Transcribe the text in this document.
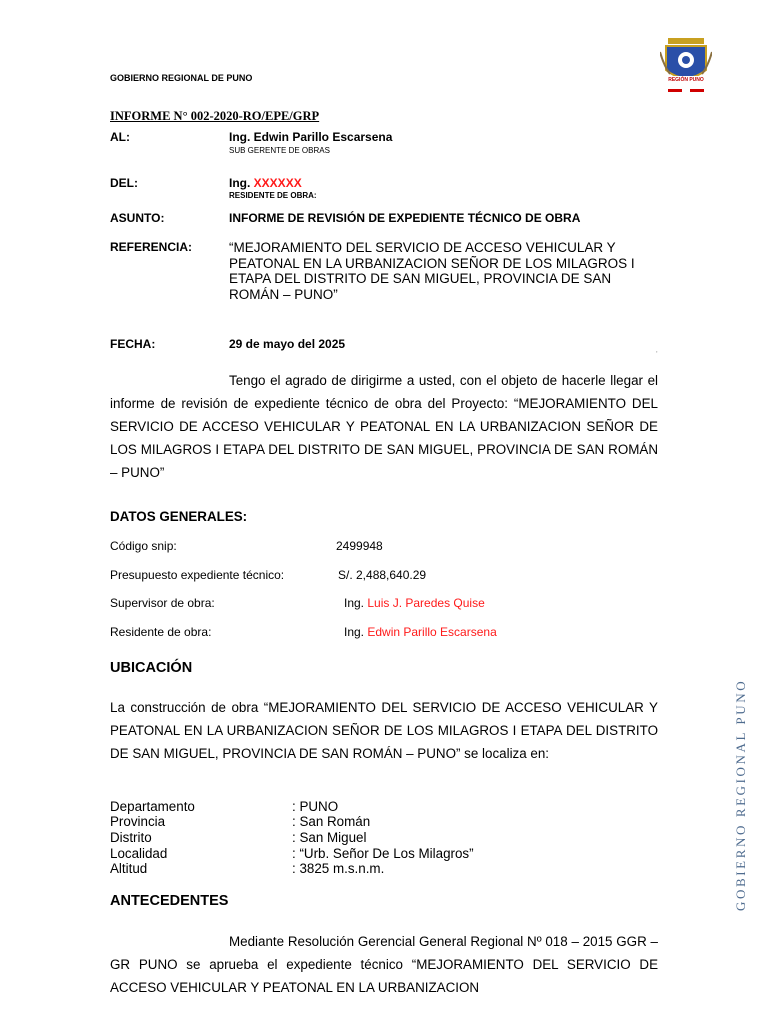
GOBIERNO REGIONAL DE PUNO	REGIÓN PUNO
INFORME N° 002-2020-RO/EPE/GRP
AL:	Ing. Edwin Parillo Escarsena
SUB GERENTE DE OBRAS
DEL:	Ing. XXXXXX
RESIDENTE DE OBRA:
ASUNTO:	INFORME DE REVISIÓN DE EXPEDIENTE TÉCNICO DE OBRA
REFERENCIA:	“MEJORAMIENTO DEL SERVICIO DE ACCESO VEHICULAR Y PEATONAL EN LA URBANIZACION SEÑOR DE LOS MILAGROS I ETAPA DEL DISTRITO DE SAN MIGUEL, PROVINCIA DE SAN ROMÁN – PUNO”
FECHA:	29 de mayo del 2025	,
Tengo el agrado de dirigirme a usted, con el objeto de hacerle llegar el informe de revisión de expediente técnico de obra del Proyecto: “MEJORAMIENTO DEL SERVICIO DE ACCESO VEHICULAR Y PEATONAL EN LA URBANIZACION SEÑOR DE LOS MILAGROS I ETAPA DEL DISTRITO DE SAN MIGUEL, PROVINCIA DE SAN ROMÁN – PUNO”
DATOS GENERALES:
Código snip:	2499948
Presupuesto expediente técnico:	S/. 2,488,640.29
Supervisor de obra:	Ing. Luis J. Paredes Quise
Residente de obra:	Ing. Edwin Parillo Escarsena
UBICACIÓN
La construcción de obra “MEJORAMIENTO DEL SERVICIO DE ACCESO VEHICULAR Y PEATONAL EN LA URBANIZACION SEÑOR DE LOS MILAGROS I ETAPA DEL DISTRITO DE SAN MIGUEL, PROVINCIA DE SAN ROMÁN – PUNO” se localiza en:
Departamento	: PUNO
Provincia	: San Román
Distrito	: San Miguel
Localidad	: “Urb. Señor De Los Milagros”
Altitud	: 3825 m.s.n.m.
ANTECEDENTES
Mediante Resolución Gerencial General Regional Nº 018 – 2015 GGR – GR PUNO se aprueba el expediente técnico “MEJORAMIENTO DEL SERVICIO DE ACCESO VEHICULAR Y PEATONAL EN LA URBANIZACION
GOBIERNO REGIONAL PUNO
